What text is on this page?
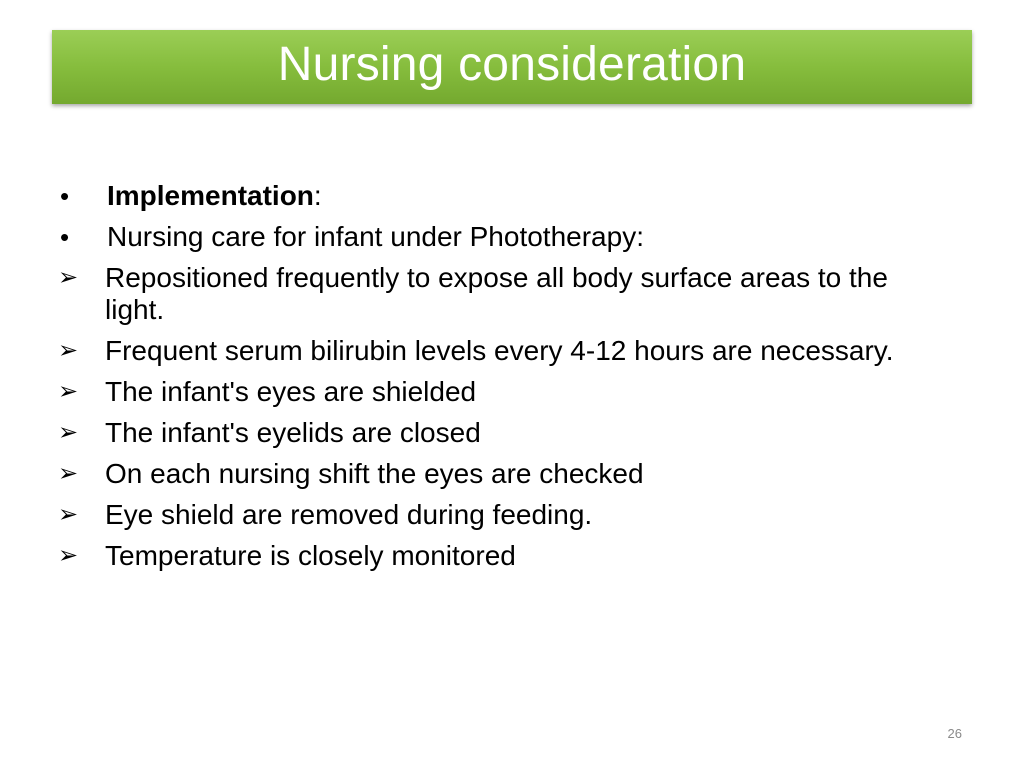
Nursing consideration
•	Implementation:
•	Nursing care for infant under Phototherapy:
➢ Repositioned frequently to expose all body surface areas to the light.
➢ Frequent serum bilirubin levels every 4-12 hours are necessary.
➢ The infant's eyes are shielded
➢ The infant's eyelids are closed
➢ On each nursing shift the eyes are checked
➢ Eye shield are removed during feeding.
➢ Temperature is closely monitored
26
